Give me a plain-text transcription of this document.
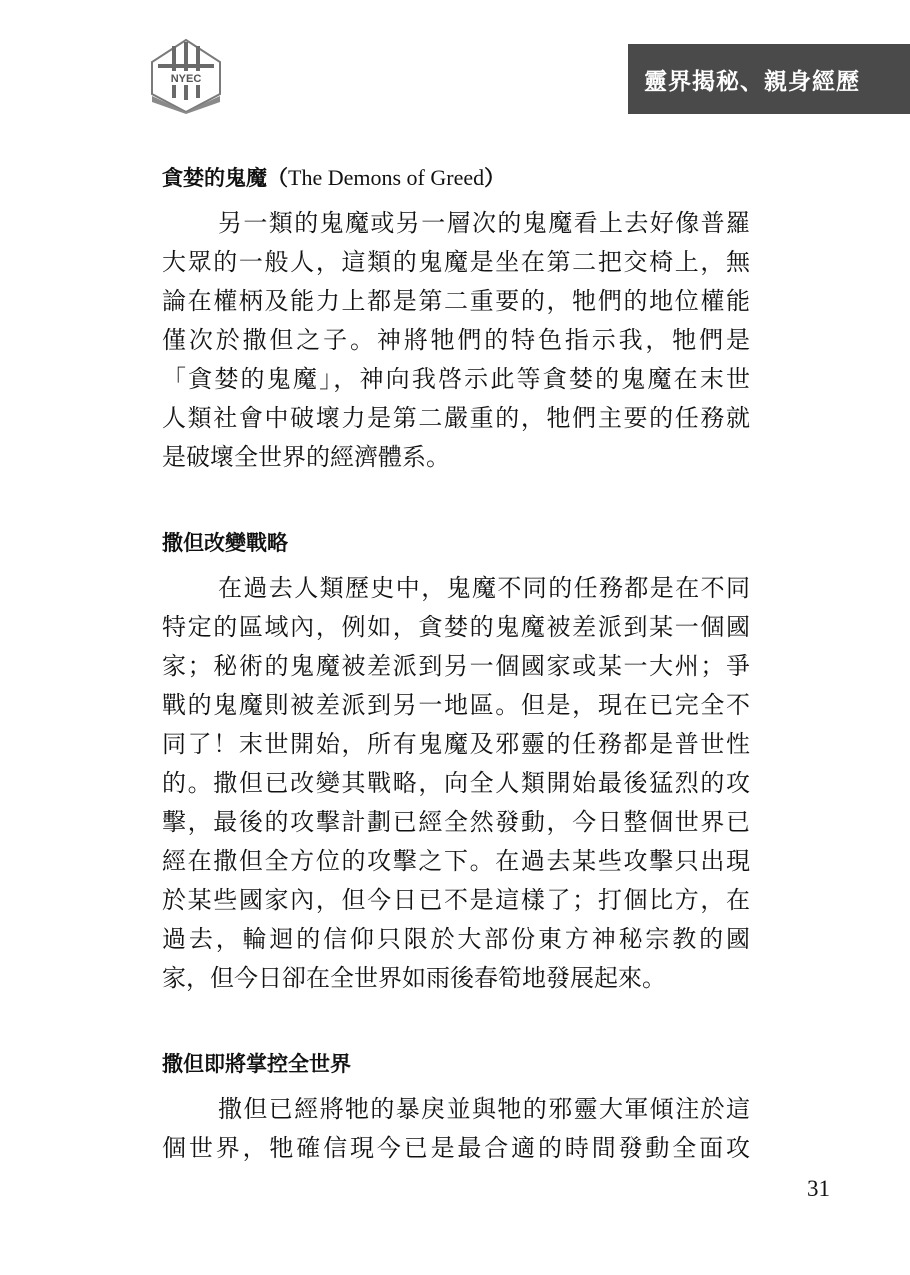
NYEC	靈界揭秘、親身經歷
貪婪的鬼魔（The Demons of Greed）
另一類的鬼魔或另一層次的鬼魔看上去好像普羅
大眾的一般人，這類的鬼魔是坐在第二把交椅上，無
論在權柄及能力上都是第二重要的，牠們的地位權能
僅次於撒但之子。神將牠們的特色指示我，牠們是
「貪婪的鬼魔」，神向我啓示此等貪婪的鬼魔在末世
人類社會中破壞力是第二嚴重的，牠們主要的任務就
是破壞全世界的經濟體系。
撒但改變戰略
在過去人類歷史中，鬼魔不同的任務都是在不同
特定的區域內，例如，貪婪的鬼魔被差派到某一個國
家；秘術的鬼魔被差派到另一個國家或某一大州；爭
戰的鬼魔則被差派到另一地區。但是，現在已完全不
同了！末世開始，所有鬼魔及邪靈的任務都是普世性
的。撒但已改變其戰略，向全人類開始最後猛烈的攻
擊，最後的攻擊計劃已經全然發動，今日整個世界已
經在撒但全方位的攻擊之下。在過去某些攻擊只出現
於某些國家內，但今日已不是這樣了；打個比方，在
過去，輪迴的信仰只限於大部份東方神秘宗教的國
家，但今日卻在全世界如雨後春筍地發展起來。
撒但即將掌控全世界
撒但已經將牠的暴戾並與牠的邪靈大軍傾注於這
個世界，牠確信現今已是最合適的時間發動全面攻
31
